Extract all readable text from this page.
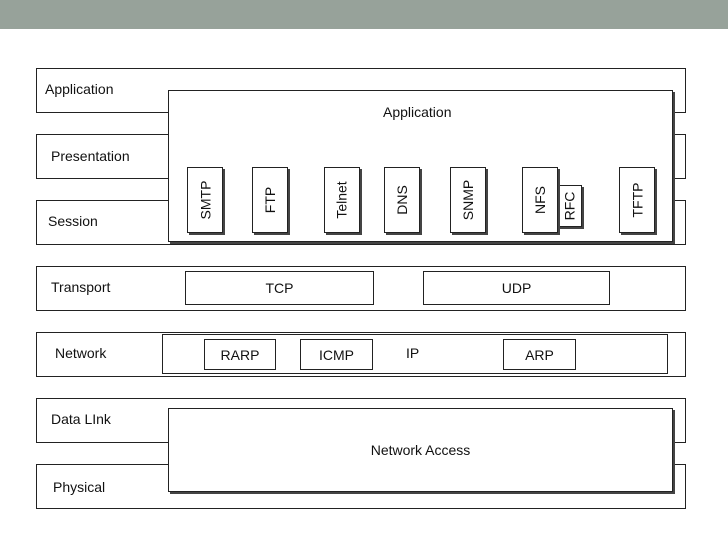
Application
Presentation
Session
Transport
Network
Data LInk
Physical
Application
SMTP	FTP	Telnet	DNS	SNMP	RFC
NFS	TFTP
TCP	UDP
IP
RARP	ICMP	ARP
Network Access
